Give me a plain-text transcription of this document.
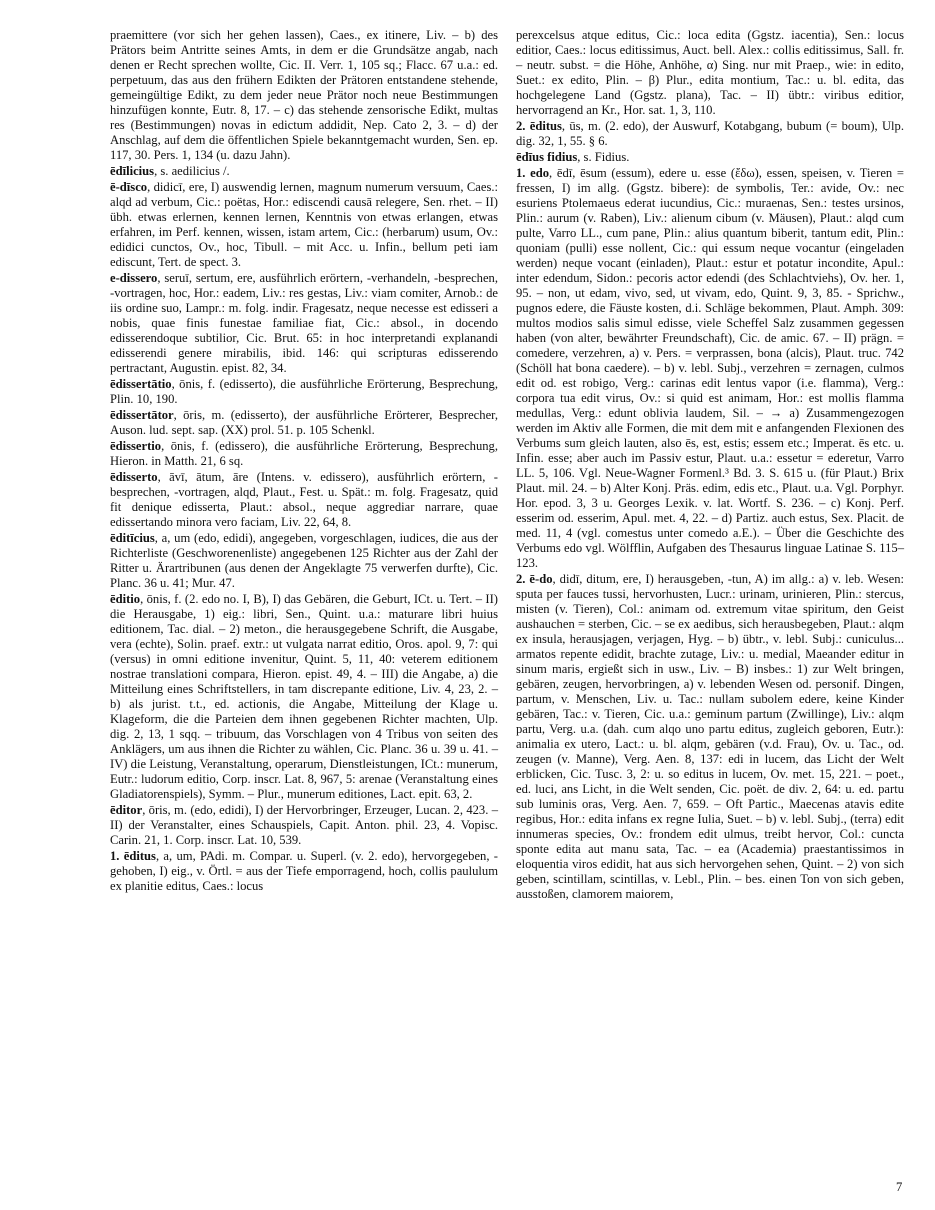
praemittere (vor sich her gehen lassen), Caes., ex itinere, Liv. – b) des Prätors beim Antritte seines Amts, in dem er die Grundsätze angab, nach denen er Recht sprechen wollte, Cic. II. Verr. 1, 105 sq.; Flacc. 67 u.a.: ed. perpetuum, das aus den frühern Edikten der Prätoren entstandene stehende, gemeingültige Edikt, zu dem jeder neue Prätor noch neue Bestimmungen hinzufügen konnte, Eutr. 8, 17. – c) das stehende zensorische Edikt, multas res (Bestimmungen) novas in edictum addidit, Nep. Cato 2, 3. – d) der Anschlag, auf dem die öffentlichen Spiele bekanntgemacht wurden, Sen. ep. 117, 30. Pers. 1, 134 (u. dazu Jahn).
ēdīlicius, s. aedilicius /.
ē-dīsco, didicī, ere, I) auswendig lernen, magnum numerum versuum, Caes.: alqd ad verbum, Cic.: poëtas, Hor.: ediscendi causā relegere, Sen. rhet. – II) übh. etwas erlernen, kennen lernen, Kenntnis von etwas erlangen, etwas erfahren, im Perf. kennen, wissen, istam artem, Cic.: (herbarum) usum, Ov.: edidici cunctos, Ov., hoc, Tibull. – mit Acc. u. Infin., bellum peti iam ediscunt, Tert. de spect. 3.
e-dissero, seruī, sertum, ere, ausführlich erörtern, -verhandeln, -besprechen, -vortragen, hoc, Hor.: eadem, Liv.: res gestas, Liv.: viam comiter, Arnob.: de iis ordine suo, Lampr.: m. folg. indir. Fragesatz, neque necesse est edisseri a nobis, quae finis funestae familiae fiat, Cic.: absol., in docendo edisserendoque subtilior, Cic. Brut. 65: in hoc interpretandi explanandi edisserendi genere mirabilis, ibid. 146: qui scripturas edisserendo pertractant, Augustin. epist. 82, 34.
ēdissertātio, ōnis, f. (edisserto), die ausführliche Erörterung, Besprechung, Plin. 10, 190.
ēdissertātor, ōris, m. (edisserto), der ausführliche Erörterer, Besprecher, Auson. lud. sept. sap. (XX) prol. 51. p. 105 Schenkl.
ēdissertio, ōnis, f. (edissero), die ausführliche Erörterung, Besprechung, Hieron. in Matth. 21, 6 sq.
ēdisserto, āvī, ātum, āre (Intens. v. edissero), ausführlich erörtern, -besprechen, -vortragen, alqd, Plaut., Fest. u. Spät.: m. folg. Fragesatz, quid fit denique edisserta, Plaut.: absol., neque aggrediar narrare, quae edissertando minora vero faciam, Liv. 22, 64, 8.
ēditīcius, a, um (edo, edidi), angegeben, vorgeschlagen, iudices, die aus der Richterliste (Geschworenenliste) angegebenen 125 Richter aus der Zahl der Ritter u. Ärartribunen (aus denen der Angeklagte 75 verwerfen durfte), Cic. Planc. 36 u. 41; Mur. 47.
ēditio, ōnis, f. (2. edo no. I, B), I) das Gebären, die Geburt, ICt. u. Tert. – II) die Herausgabe, 1) eig.: libri, Sen., Quint. u.a.: maturare libri huius editionem, Tac. dial. – 2) meton., die herausgegebene Schrift, die Ausgabe, vera (echte), Solin. praef. extr.: ut vulgata narrat editio, Oros. apol. 9, 7: qui (versus) in omni editione invenitur, Quint. 5, 11, 40: veterem editionem nostrae translationi compara, Hieron. epist. 49, 4. – III) die Angabe, a) die Mitteilung eines Schriftstellers, in tam discrepante editione, Liv. 4, 23, 2. – b) als jurist. t.t., ed. actionis, die Angabe, Mitteilung der Klage u. Klageform, die die Parteien dem ihnen gegebenen Richter machten, Ulp. dig. 2, 13, 1 sqq. – tribuum, das Vorschlagen von 4 Tribus von seiten des Anklägers, um aus ihnen die Richter zu wählen, Cic. Planc. 36 u. 39 u. 41. – IV) die Leistung, Veranstaltung, operarum, Dienstleistungen, ICt.: munerum, Eutr.: ludorum editio, Corp. inscr. Lat. 8, 967, 5: arenae (Veranstaltung eines Gladiatorenspiels), Symm. – Plur., munerum editiones, Lact. epit. 63, 2.
ēditor, ōris, m. (edo, edidi), I) der Hervorbringer, Erzeuger, Lucan. 2, 423. – II) der Veranstalter, eines Schauspiels, Capit. Anton. phil. 23, 4. Vopisc. Carin. 21, 1. Corp. inscr. Lat. 10, 539.
1. ēditus, a, um, PAdi. m. Compar. u. Superl. (v. 2. edo), hervorgegeben, -gehoben, I) eig., v. Örtl. = aus der Tiefe emporragend, hoch, collis paululum ex planitie editus, Caes.: locus
perexcelsus atque editus, Cic.: loca edita (Ggstz. iacentia), Sen.: locus editior, Caes.: locus editissimus, Auct. bell. Alex.: collis editissimus, Sall. fr. – neutr. subst. = die Höhe, Anhöhe, α) Sing. nur mit Praep., wie: in edito, Suet.: ex edito, Plin. – β) Plur., edita montium, Tac.: u. bl. edita, das hochgelegene Land (Ggstz. plana), Tac. – II) übtr.: viribus editior, hervorragend an Kr., Hor. sat. 1, 3, 110.
2. ēditus, ūs, m. (2. edo), der Auswurf, Kotabgang, bubum (= boum), Ulp. dig. 32, 1, 55. § 6.
ēdīus fidius, s. Fidius.
1. edo, ēdī, ēsum (essum), edere u. esse (ἔδω), essen, speisen, v. Tieren = fressen, I) im allg. (Ggstz. bibere): de symbolis, Ter.: avide, Ov.: nec esuriens Ptolemaeus ederat iucundius, Cic.: muraenas, Sen.: testes ursinos, Plin.: aurum (v. Raben), Liv.: alienum cibum (v. Mäusen), Plaut.: alqd cum pulte, Varro LL., cum pane, Plin.: alius quantum biberit, tantum edit, Plin.: quoniam (pulli) esse nollent, Cic.: qui essum neque vocantur (eingeladen werden) neque vocant (einladen), Plaut.: estur et potatur incondite, Apul.: inter edendum, Sidon.: pecoris actor edendi (des Schlachtviehs), Ov. her. 1, 95. – non, ut edam, vivo, sed, ut vivam, edo, Quint. 9, 3, 85. - Sprichw., pugnos edere, die Fäuste kosten, d.i. Schläge bekommen, Plaut. Amph. 309: multos modios salis simul edisse, viele Scheffel Salz zusammen gegessen haben (von alter, bewährter Freundschaft), Cic. de amic. 67. – II) prägn. = comedere, verzehren, a) v. Pers. = verprassen, bona (alcis), Plaut. truc. 742 (Schöll hat bona caedere). – b) v. lebl. Subj., verzehren = zernagen, culmos edit od. est robigo, Verg.: carinas edit lentus vapor (i.e. flamma), Verg.: corpora tua edit virus, Ov.: si quid est animam, Hor.: est mollis flamma medullas, Verg.: edunt oblivia laudem, Sil. – → a) Zusammengezogen werden im Aktiv alle Formen, die mit dem mit e anfangenden Flexionen des Verbums sum gleich lauten, also ēs, est, estis; essem etc.; Imperat. ēs etc. u. Infin. esse; aber auch im Passiv estur, Plaut. u.a.: essetur = ederetur, Varro LL. 5, 106. Vgl. Neue-Wagner Formenl.³ Bd. 3. S. 615 u. (für Plaut.) Brix Plaut. mil. 24. – b) Alter Konj. Präs. edim, edis etc., Plaut. u.a. Vgl. Porphyr. Hor. epod. 3, 3 u. Georges Lexik. v. lat. Wortf. S. 236. – c) Konj. Perf. esserim od. esserim, Apul. met. 4, 22. – d) Partiz. auch estus, Sex. Placit. de med. 11, 4 (vgl. comestus unter comedo a.E.). – Über die Geschichte des Verbums edo vgl. Wölfflin, Aufgaben des Thesaurus linguae Latinae S. 115–123.
2. ē-do, didī, ditum, ere, I) herausgeben, -tun, A) im allg.: a) v. leb. Wesen: sputa per fauces tussi, hervorhusten, Lucr.: urinam, urinieren, Plin.: stercus, misten (v. Tieren), Col.: animam od. extremum vitae spiritum, den Geist aushauchen = sterben, Cic. – se ex aedibus, sich herausbegeben, Plaut.: alqm ex insula, herausjagen, verjagen, Hyg. – b) übtr., v. lebl. Subj.: cuniculus... armatos repente edidit, brachte zutage, Liv.: u. medial, Maeander editur in sinum maris, ergießt sich in usw., Liv. – B) insbes.: 1) zur Welt bringen, gebären, zeugen, hervorbringen, a) v. lebenden Wesen od. personif. Dingen, partum, v. Menschen, Liv. u. Tac.: nullam subolem edere, keine Kinder gebären, Tac.: v. Tieren, Cic. u.a.: geminum partum (Zwillinge), Liv.: alqm partu, Verg. u.a. (dah. cum alqo uno partu editus, zugleich geboren, Eutr.): animalia ex utero, Lact.: u. bl. alqm, gebären (v.d. Frau), Ov. u. Tac., od. zeugen (v. Manne), Verg. Aen. 8, 137: edi in lucem, das Licht der Welt erblicken, Cic. Tusc. 3, 2: u. so editus in lucem, Ov. met. 15, 221. – poet., ed. luci, ans Licht, in die Welt senden, Cic. poët. de div. 2, 64: u. ed. partu sub luminis oras, Verg. Aen. 7, 659. – Oft Partic., Maecenas atavis edite regibus, Hor.: edita infans ex regne Iulia, Suet. – b) v. lebl. Subj., (terra) edit innumeras species, Ov.: frondem edit ulmus, treibt hervor, Col.: cuncta sponte edita aut manu sata, Tac. – ea (Academia) praestantissimos in eloquentia viros edidit, hat aus sich hervorgehen sehen, Quint. – 2) von sich geben, scintillam, scintillas, v. Lebl., Plin. – bes. einen Ton von sich geben, ausstoßen, clamorem maiorem,
7
